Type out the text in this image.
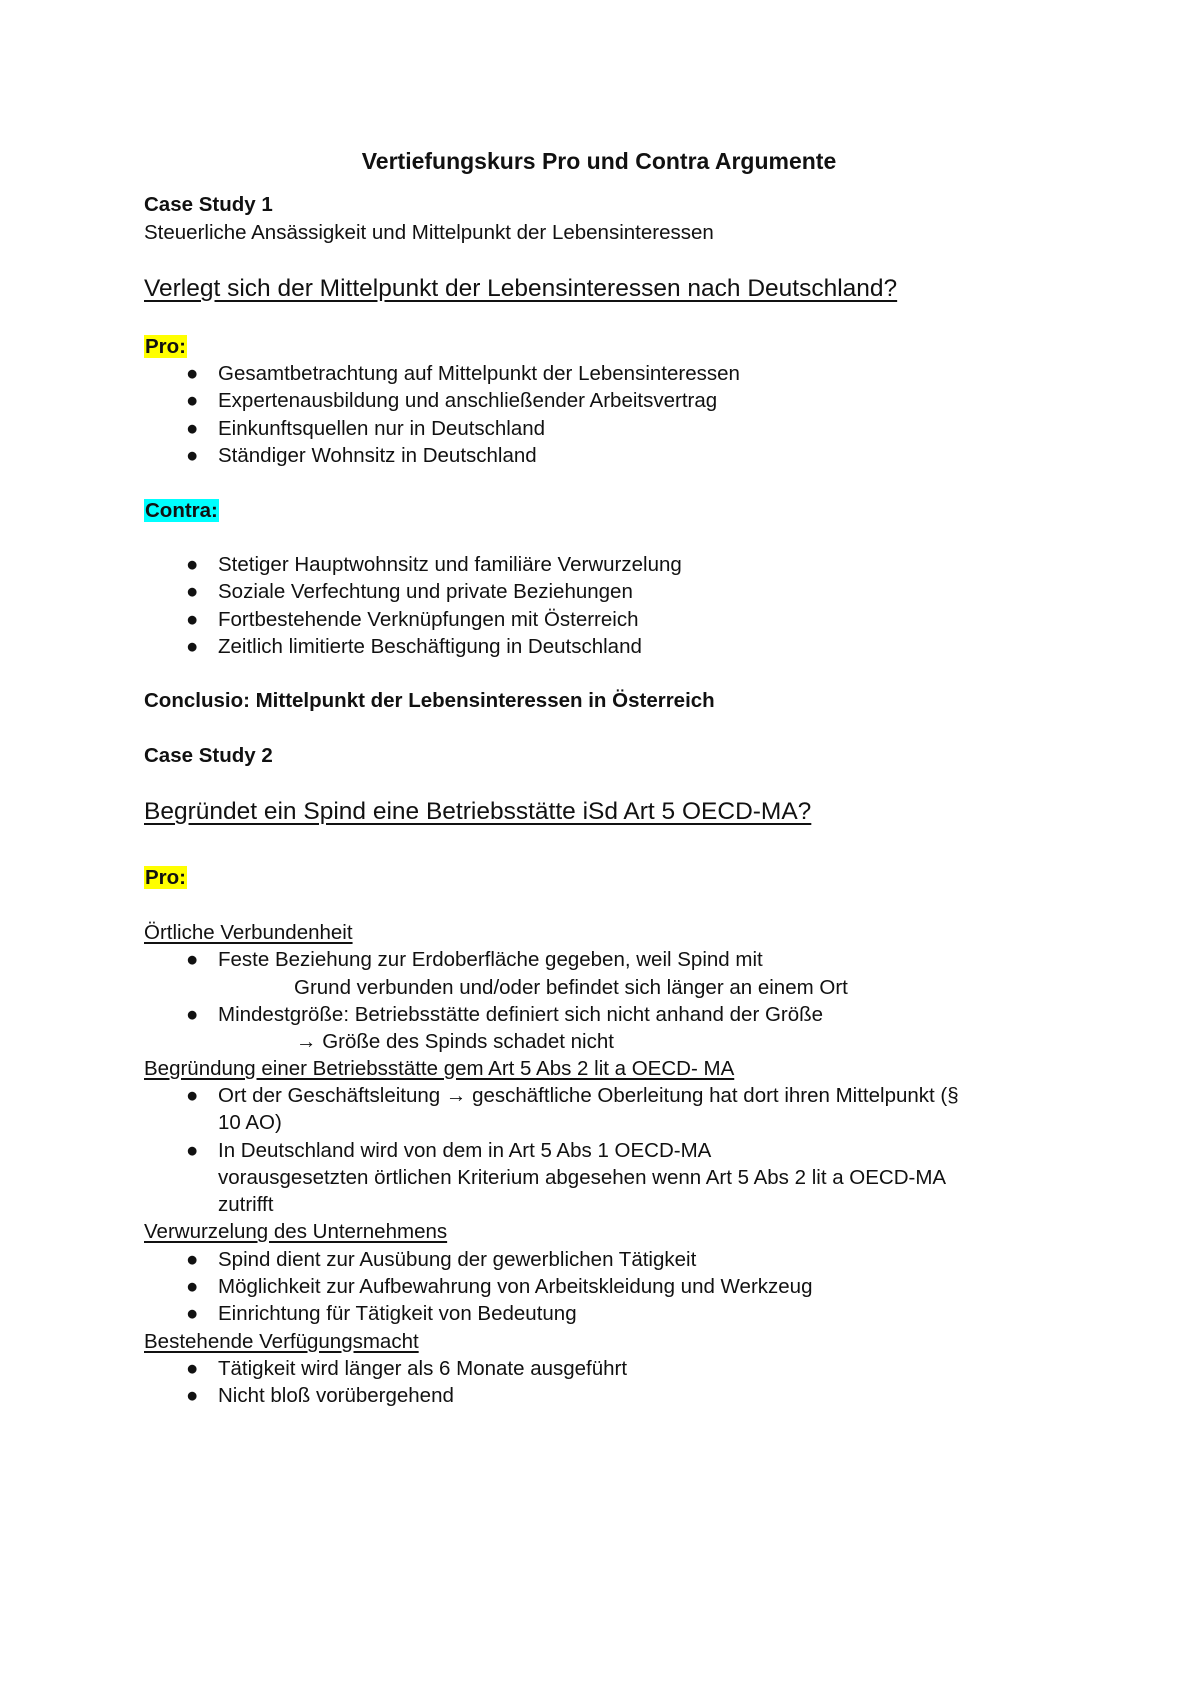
Vertiefungskurs Pro und Contra Argumente
Case Study 1
Steuerliche Ansässigkeit und Mittelpunkt der Lebensinteressen
Verlegt sich der Mittelpunkt der Lebensinteressen nach Deutschland?
Pro:
● Gesamtbetrachtung auf Mittelpunkt der Lebensinteressen
● Expertenausbildung und anschließender Arbeitsvertrag
● Einkunftsquellen nur in Deutschland
● Ständiger Wohnsitz in Deutschland
Contra:
● Stetiger Hauptwohnsitz und familiäre Verwurzelung
● Soziale Verfechtung und private Beziehungen
● Fortbestehende Verknüpfungen mit Österreich
● Zeitlich limitierte Beschäftigung in Deutschland
Conclusio: Mittelpunkt der Lebensinteressen in Österreich
Case Study 2
Begründet ein Spind eine Betriebsstätte iSd Art 5 OECD-MA?
Pro:
Örtliche Verbundenheit
● Feste Beziehung zur Erdoberfläche gegeben, weil Spind mit
Grund verbunden und/oder befindet sich länger an einem Ort
● Mindestgröße: Betriebsstätte definiert sich nicht anhand der Größe
→ Größe des Spinds schadet nicht
Begründung einer Betriebsstätte gem Art 5 Abs 2 lit a OECD- MA
● Ort der Geschäftsleitung → geschäftliche Oberleitung hat dort ihren Mittelpunkt (§
10 AO)
● In Deutschland wird von dem in Art 5 Abs 1 OECD-MA
vorausgesetzten örtlichen Kriterium abgesehen wenn Art 5 Abs 2 lit a OECD-MA
zutrifft
Verwurzelung des Unternehmens
● Spind dient zur Ausübung der gewerblichen Tätigkeit
● Möglichkeit zur Aufbewahrung von Arbeitskleidung und Werkzeug
● Einrichtung für Tätigkeit von Bedeutung
Bestehende Verfügungsmacht
● Tätigkeit wird länger als 6 Monate ausgeführt
● Nicht bloß vorübergehend
